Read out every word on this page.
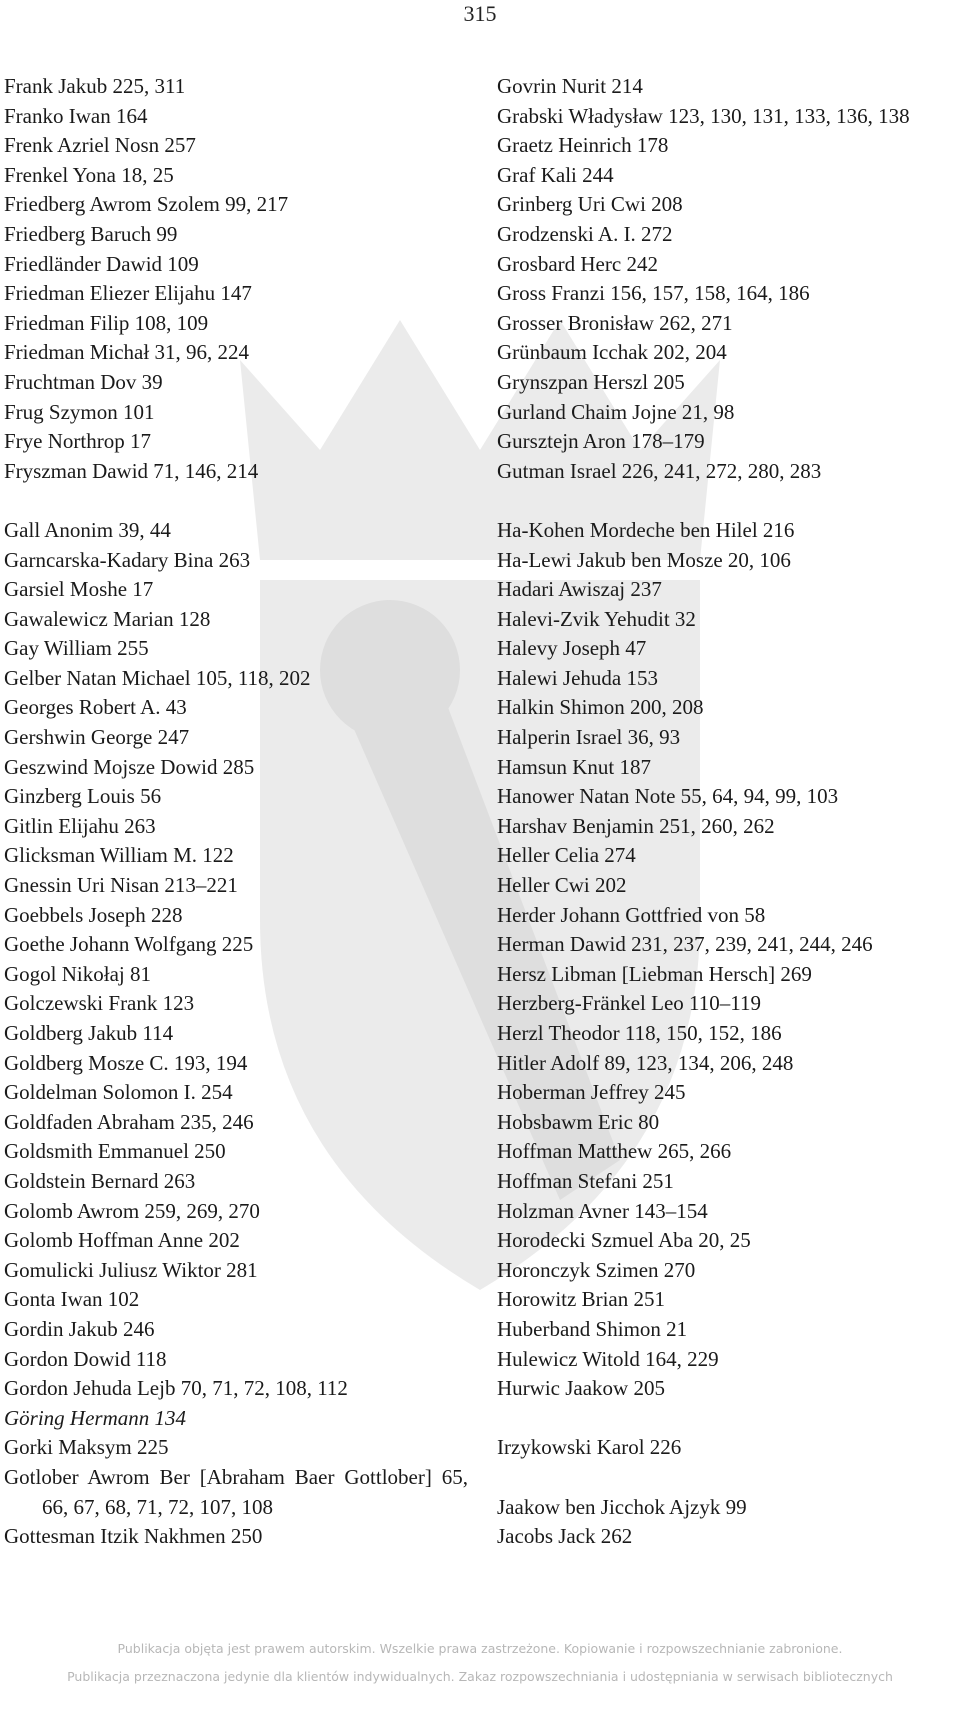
315
Frank Jakub 225, 311
Franko Iwan 164
Frenk Azriel Nosn 257
Frenkel Yona 18, 25
Friedberg Awrom Szolem 99, 217
Friedberg Baruch 99
Friedländer Dawid 109
Friedman Eliezer Elijahu 147
Friedman Filip 108, 109
Friedman Michał 31, 96, 224
Fruchtman Dov 39
Frug Szymon 101
Frye Northrop 17
Fryszman Dawid 71, 146, 214
Gall Anonim 39, 44
Garncarska-Kadary Bina 263
Garsiel Moshe 17
Gawalewicz Marian 128
Gay William 255
Gelber Natan Michael 105, 118, 202
Georges Robert A. 43
Gershwin George 247
Geszwind Mojsze Dowid 285
Ginzberg Louis 56
Gitlin Elijahu 263
Glicksman William M. 122
Gnessin Uri Nisan 213–221
Goebbels Joseph 228
Goethe Johann Wolfgang 225
Gogol Nikołaj 81
Golczewski Frank 123
Goldberg Jakub 114
Goldberg Mosze C. 193, 194
Goldelman Solomon I. 254
Goldfaden Abraham 235, 246
Goldsmith Emmanuel 250
Goldstein Bernard 263
Golomb Awrom 259, 269, 270
Golomb Hoffman Anne 202
Gomulicki Juliusz Wiktor 281
Gonta Iwan 102
Gordin Jakub 246
Gordon Dowid 118
Gordon Jehuda Lejb 70, 71, 72, 108, 112
Göring Hermann 134
Gorki Maksym 225
Gotlober Awrom Ber [Abraham Baer Gottlober] 65, 66, 67, 68, 71, 72, 107, 108
Gottesman Itzik Nakhmen 250
Govrin Nurit 214
Grabski Władysław 123, 130, 131, 133, 136, 138
Graetz Heinrich 178
Graf Kali 244
Grinberg Uri Cwi 208
Grodzenski A. I. 272
Grosbard Herc 242
Gross Franzi 156, 157, 158, 164, 186
Grosser Bronisław 262, 271
Grünbaum Icchak 202, 204
Grynszpan Herszl 205
Gurland Chaim Jojne 21, 98
Gursztejn Aron 178–179
Gutman Israel 226, 241, 272, 280, 283
Ha-Kohen Mordeche ben Hilel 216
Ha-Lewi Jakub ben Mosze 20, 106
Hadari Awiszaj 237
Halevi-Zvik Yehudit 32
Halevy Joseph 47
Halewi Jehuda 153
Halkin Shimon 200, 208
Halperin Israel 36, 93
Hamsun Knut 187
Hanower Natan Note 55, 64, 94, 99, 103
Harshav Benjamin 251, 260, 262
Heller Celia 274
Heller Cwi 202
Herder Johann Gottfried von 58
Herman Dawid 231, 237, 239, 241, 244, 246
Hersz Libman [Liebman Hersch] 269
Herzberg-Fränkel Leo 110–119
Herzl Theodor 118, 150, 152, 186
Hitler Adolf 89, 123, 134, 206, 248
Hoberman Jeffrey 245
Hobsbawm Eric 80
Hoffman Matthew 265, 266
Hoffman Stefani 251
Holzman Avner 143–154
Horodecki Szmuel Aba 20, 25
Horonczyk Szimen 270
Horowitz Brian 251
Huberband Shimon 21
Hulewicz Witold 164, 229
Hurwic Jaakow 205
Irzykowski Karol 226
Jaakow ben Jicchok Ajzyk 99
Jacobs Jack 262
Publikacja objęta jest prawem autorskim. Wszelkie prawa zastrzeżone. Kopiowanie i rozpowszechnianie zabronione.
Publikacja przeznaczona jedynie dla klientów indywidualnych. Zakaz rozpowszechniania i udostępniania w serwisach bibliotecznych
